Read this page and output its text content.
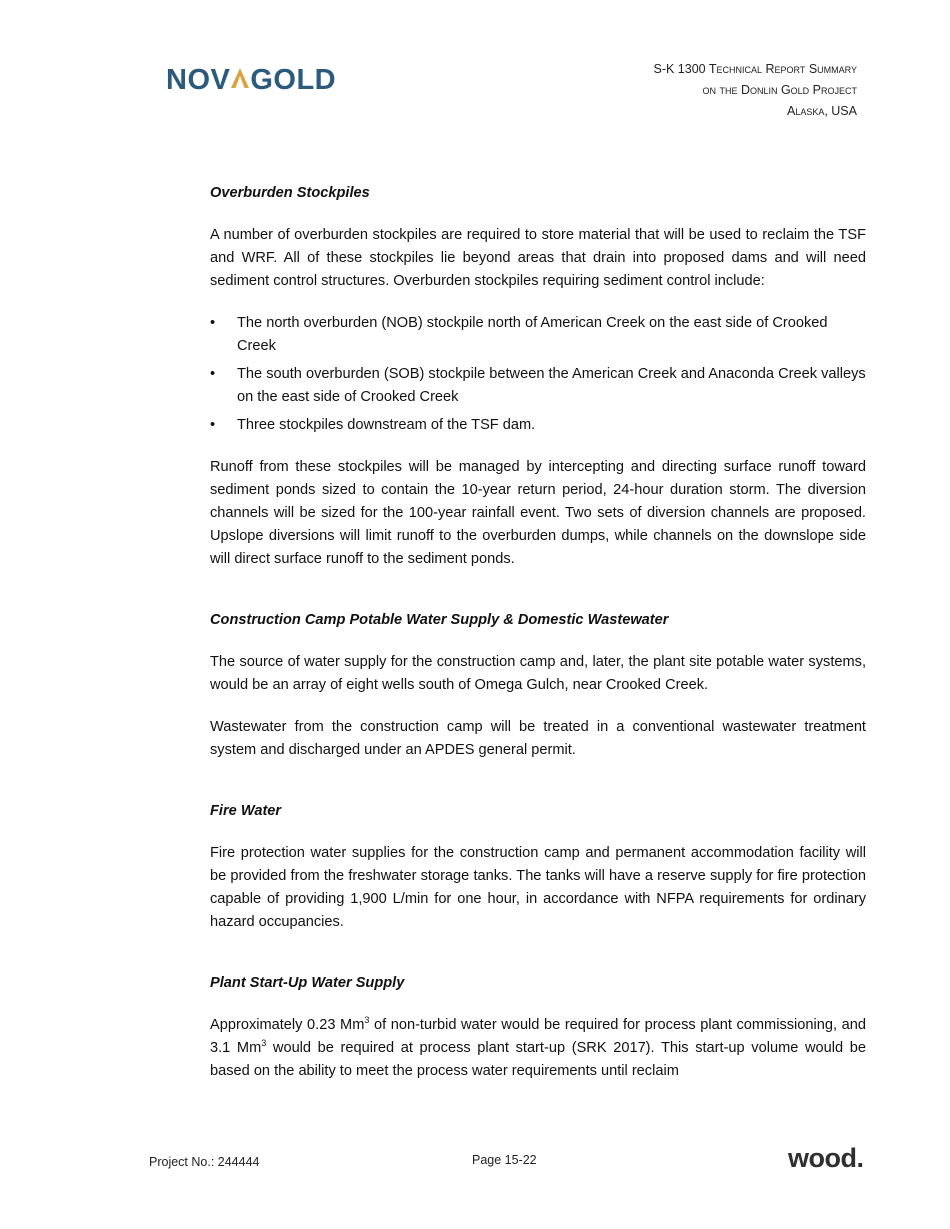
NOV GOLD	S-K 1300 Technical Report Summary
on the Donlin Gold Project
Alaska, USA

Overburden Stockpiles

A number of overburden stockpiles are required to store material that will be used to reclaim the TSF and WRF. All of these stockpiles lie beyond areas that drain into proposed dams and will need sediment control structures. Overburden stockpiles requiring sediment control include:

• The north overburden (NOB) stockpile north of American Creek on the east side of Crooked Creek
• The south overburden (SOB) stockpile between the American Creek and Anaconda Creek valleys on the east side of Crooked Creek
• Three stockpiles downstream of the TSF dam.

Runoff from these stockpiles will be managed by intercepting and directing surface runoff toward sediment ponds sized to contain the 10-year return period, 24-hour duration storm. The diversion channels will be sized for the 100-year rainfall event. Two sets of diversion channels are proposed. Upslope diversions will limit runoff to the overburden dumps, while channels on the downslope side will direct surface runoff to the sediment ponds.

Construction Camp Potable Water Supply & Domestic Wastewater

The source of water supply for the construction camp and, later, the plant site potable water systems, would be an array of eight wells south of Omega Gulch, near Crooked Creek.

Wastewater from the construction camp will be treated in a conventional wastewater treatment system and discharged under an APDES general permit.

Fire Water

Fire protection water supplies for the construction camp and permanent accommodation facility will be provided from the freshwater storage tanks. The tanks will have a reserve supply for fire protection capable of providing 1,900 L/min for one hour, in accordance with NFPA requirements for ordinary hazard occupancies.

Plant Start-Up Water Supply

Approximately 0.23 Mm$^3$ of non-turbid water would be required for process plant commissioning, and 3.1 Mm$^3$ would be required at process plant start-up (SRK 2017). This start-up volume would be based on the ability to meet the process water requirements until reclaim

Project No.: 244444	Page 15-22	wood.
